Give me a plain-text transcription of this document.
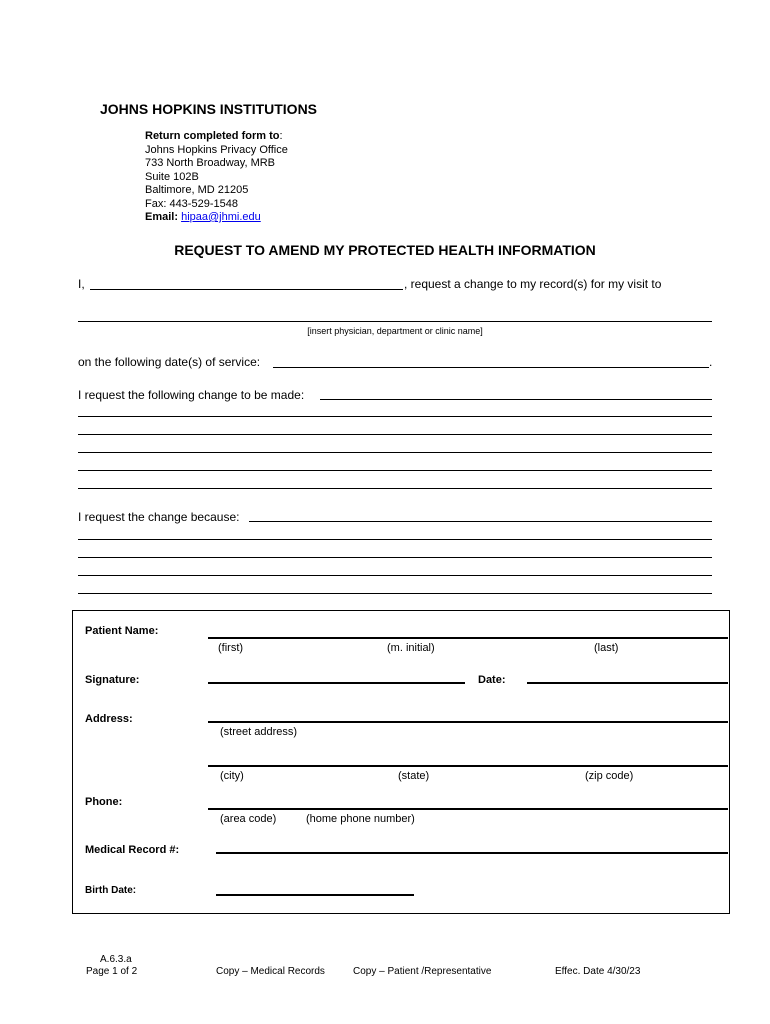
JOHNS HOPKINS INSTITUTIONS
Return completed form to:
Johns Hopkins Privacy Office
733 North Broadway, MRB
Suite 102B
Baltimore, MD 21205
Fax: 443-529-1548
Email: hipaa@jhmi.edu
REQUEST TO AMEND MY PROTECTED HEALTH INFORMATION
I,	, request a change to my record(s) for my visit to
[insert physician, department or clinic name]
on the following date(s) of service:	.
I request the following change to be made:
I request the change because:
Patient Name:
(first)	(m. initial)	(last)
Signature:	Date:
Address:
(street address)
(city)	(state)	(zip code)
Phone:
(area code)	(home phone number)
Medical Record #:
Birth Date:
A.6.3.a
Page 1 of 2	Copy – Medical Records	Copy – Patient /Representative	Effec. Date 4/30/23
